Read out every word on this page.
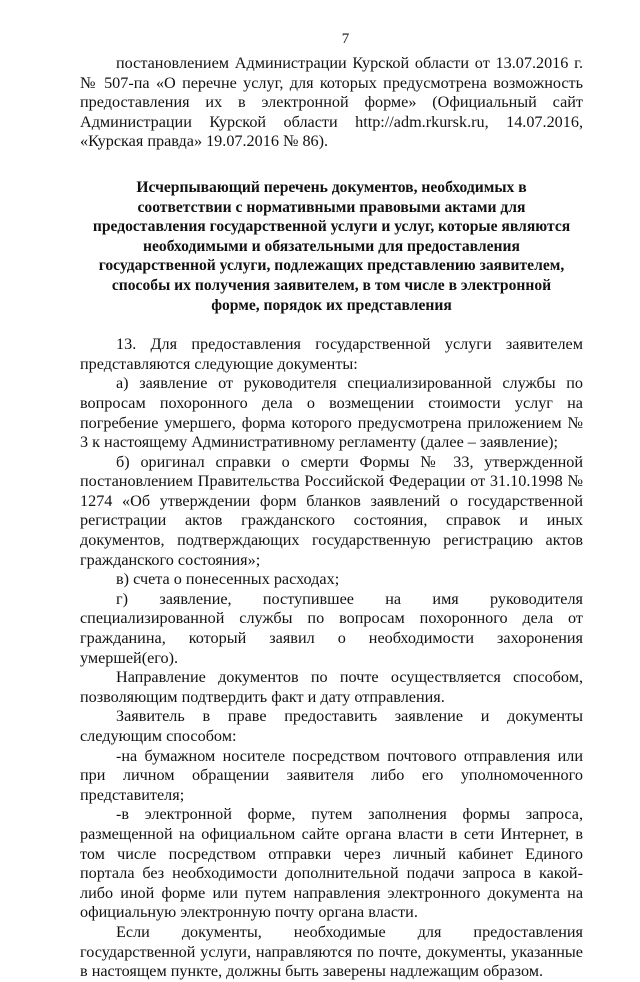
7

постановлением Администрации Курской области от 13.07.2016 г. № 507-па «О перечне услуг, для которых предусмотрена возможность предоставления их в электронной форме» (Официальный сайт Администрации Курской области http://adm.rkursk.ru, 14.07.2016, «Курская правда» 19.07.2016 № 86).

Исчерпывающий перечень документов, необходимых в соответствии с нормативными правовыми актами для предоставления государственной услуги и услуг, которые являются необходимыми и обязательными для предоставления государственной услуги, подлежащих представлению заявителем, способы их получения заявителем, в том числе в электронной форме, порядок их представления

13. Для предоставления государственной услуги заявителем представляются следующие документы:

а) заявление от руководителя специализированной службы по вопросам похоронного дела о возмещении стоимости услуг на погребение умершего, форма которого предусмотрена приложением № 3 к настоящему Административному регламенту (далее – заявление);

б) оригинал справки о смерти Формы № 33, утвержденной постановлением Правительства Российской Федерации от 31.10.1998 № 1274 «Об утверждении форм бланков заявлений о государственной регистрации актов гражданского состояния, справок и иных документов, подтверждающих государственную регистрацию актов гражданского состояния»;

в) счета о понесенных расходах;

г) заявление, поступившее на имя руководителя специализированной службы по вопросам похоронного дела от гражданина, который заявил о необходимости захоронения умершей(его).

Направление документов по почте осуществляется способом, позволяющим подтвердить факт и дату отправления.

Заявитель в праве предоставить заявление и документы следующим способом:

-на бумажном носителе посредством почтового отправления или при личном обращении заявителя либо его уполномоченного представителя;

-в электронной форме, путем заполнения формы запроса, размещенной на официальном сайте органа власти в сети Интернет, в том числе посредством отправки через личный кабинет Единого портала без необходимости дополнительной подачи запроса в какой-либо иной форме или путем направления электронного документа на официальную электронную почту органа власти.

Если документы, необходимые для предоставления государственной услуги, направляются по почте, документы, указанные в настоящем пункте, должны быть заверены надлежащим образом.
